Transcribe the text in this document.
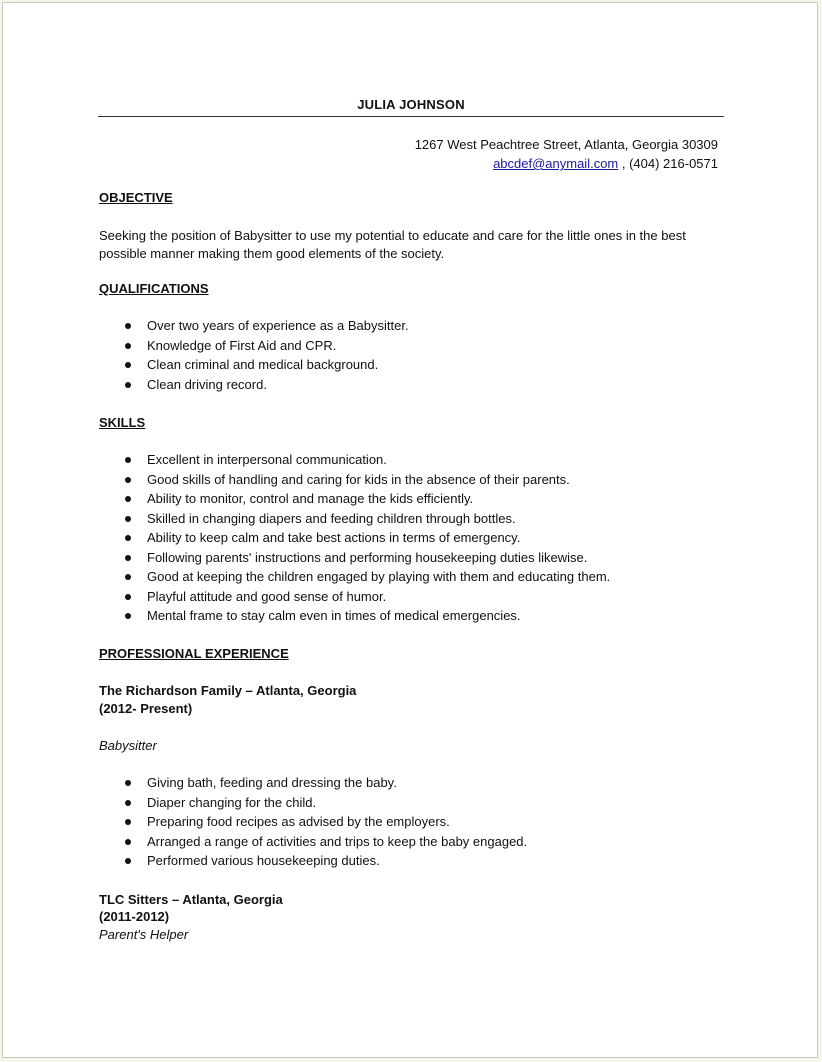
JULIA JOHNSON
1267 West Peachtree Street, Atlanta, Georgia 30309
abcdef@anymail.com , (404) 216-0571
OBJECTIVE
Seeking the position of Babysitter to use my potential to educate and care for the little ones in the best
possible manner making them good elements of the society.
QUALIFICATIONS
Over two years of experience as a Babysitter.
Knowledge of First Aid and CPR.
Clean criminal and medical background.
Clean driving record.
SKILLS
Excellent in interpersonal communication.
Good skills of handling and caring for kids in the absence of their parents.
Ability to monitor, control and manage the kids efficiently.
Skilled in changing diapers and feeding children through bottles.
Ability to keep calm and take best actions in terms of emergency.
Following parents' instructions and performing housekeeping duties likewise.
Good at keeping the children engaged by playing with them and educating them.
Playful attitude and good sense of humor.
Mental frame to stay calm even in times of medical emergencies.
PROFESSIONAL EXPERIENCE
The Richardson Family – Atlanta, Georgia
(2012- Present)
Babysitter
Giving bath, feeding and dressing the baby.
Diaper changing for the child.
Preparing food recipes as advised by the employers.
Arranged a range of activities and trips to keep the baby engaged.
Performed various housekeeping duties.
TLC Sitters – Atlanta, Georgia
(2011-2012)
Parent's Helper
